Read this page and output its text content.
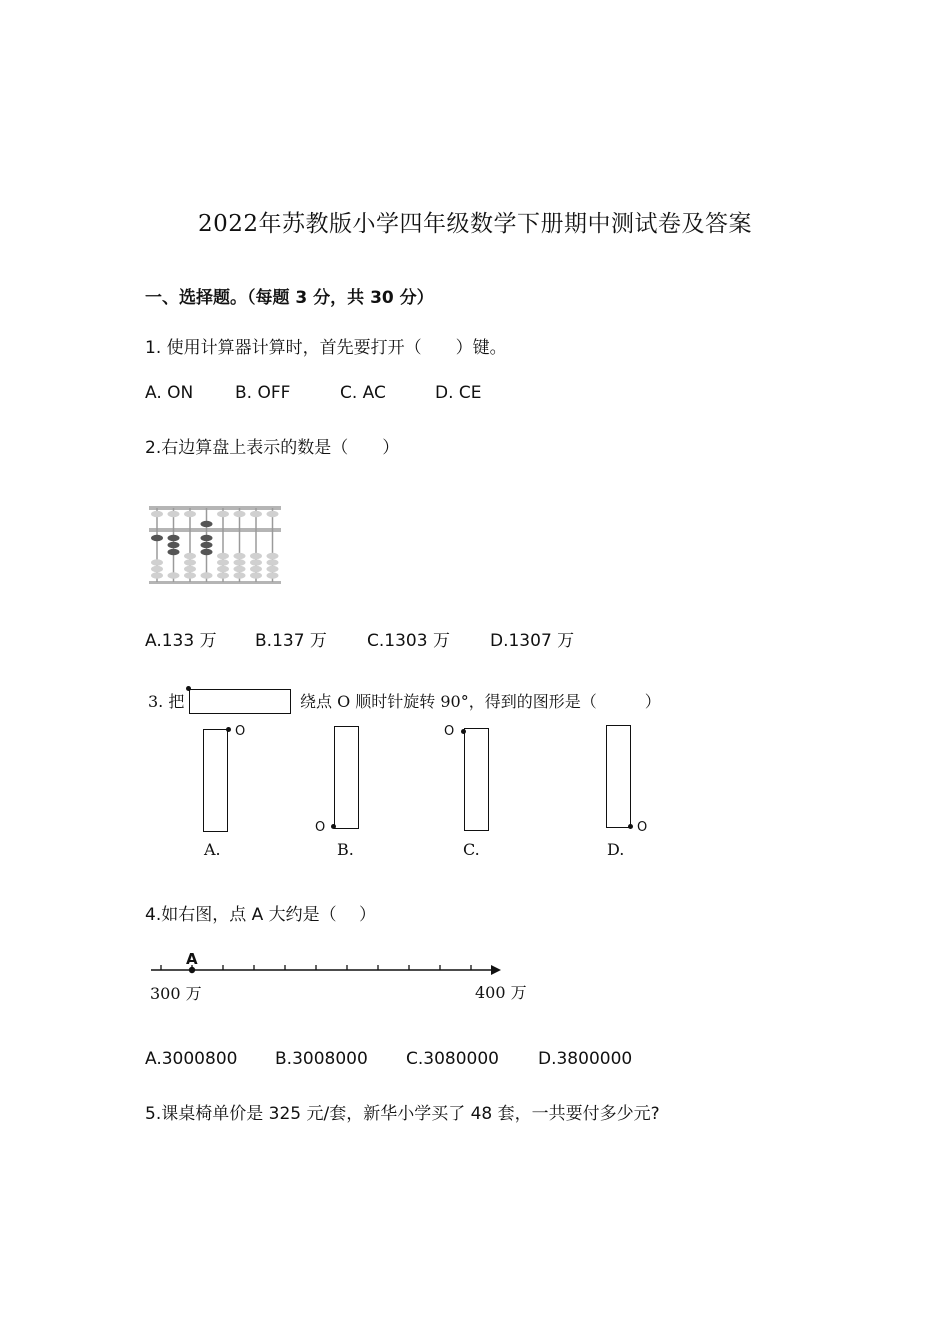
2022年苏教版小学四年级数学下册期中测试卷及答案
一、选择题。（每题 3 分，共 30 分）
1. 使用计算器计算时，首先要打开（　　）键。
A. ON B. OFF	C. AC	D. CE
2.右边算盘上表示的数是（　　）
A.133 万 B.137 万 C.1303 万 D.1307 万
3. 把	绕点 O 顺时针旋转 90°，得到的图形是（　　　）
O
A.
O
B.
O
C.
O
D.
4.如右图，点 A 大约是（　 ）
A
300 万	400 万
A.3000800 B.3008000 C.3080000 D.3800000
5.课桌椅单价是 325 元/套，新华小学买了 48 套，一共要付多少元?
